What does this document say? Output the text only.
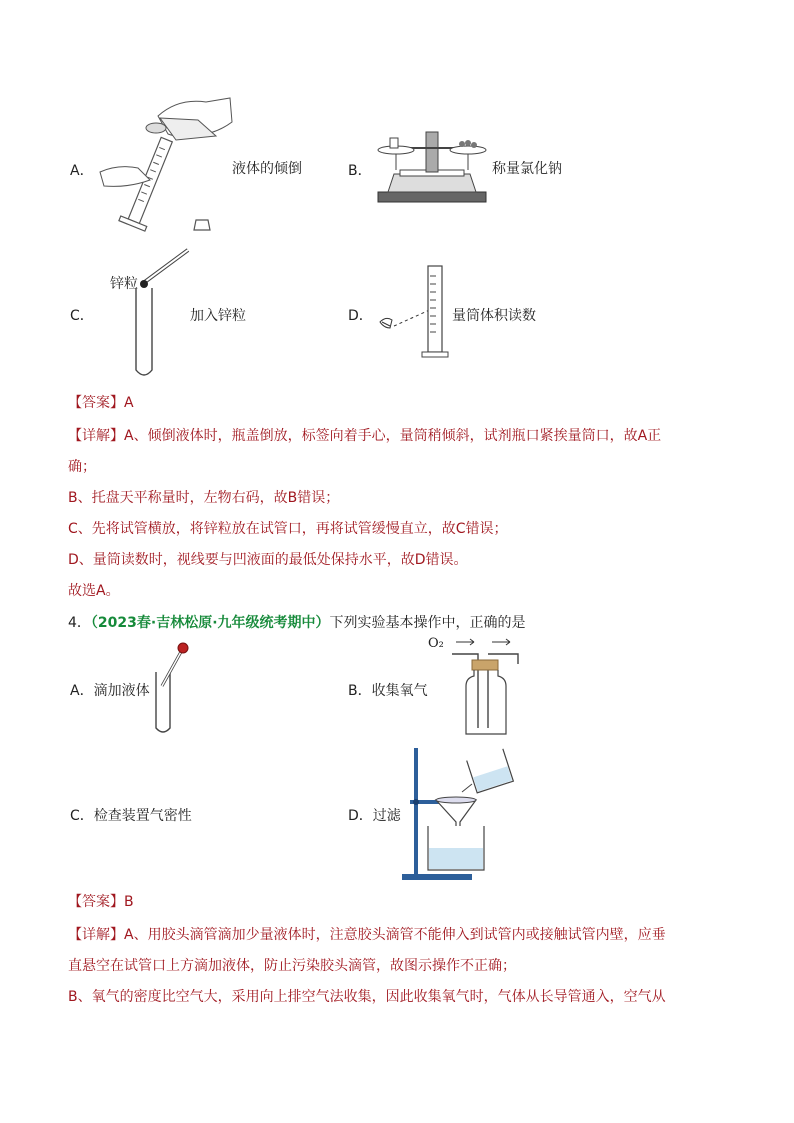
A．	液体的倾倒	B．	称量氯化钠
C．
锌粒
加入锌粒	D．	量筒体积读数
【答案】A
【详解】A、倾倒液体时，瓶盖倒放，标签向着手心，量筒稍倾斜，试剂瓶口紧挨量筒口，故A正
确；
B、托盘天平称量时，左物右码，故B错误；
C、先将试管横放，将锌粒放在试管口，再将试管缓慢直立，故C错误；
D、量筒读数时，视线要与凹液面的最低处保持水平，故D错误。
故选A。
4．（2023春·吉林松原·九年级统考期中）下列实验基本操作中，正确的是
A．滴加液体	B．收集氧气
O₂
C．检查装置气密性	D．过滤
【答案】B
【详解】A、用胶头滴管滴加少量液体时，注意胶头滴管不能伸入到试管内或接触试管内壁，应垂
直悬空在试管口上方滴加液体，防止污染胶头滴管，故图示操作不正确；
B、氧气的密度比空气大，采用向上排空气法收集，因此收集氧气时，气体从长导管通入，空气从
